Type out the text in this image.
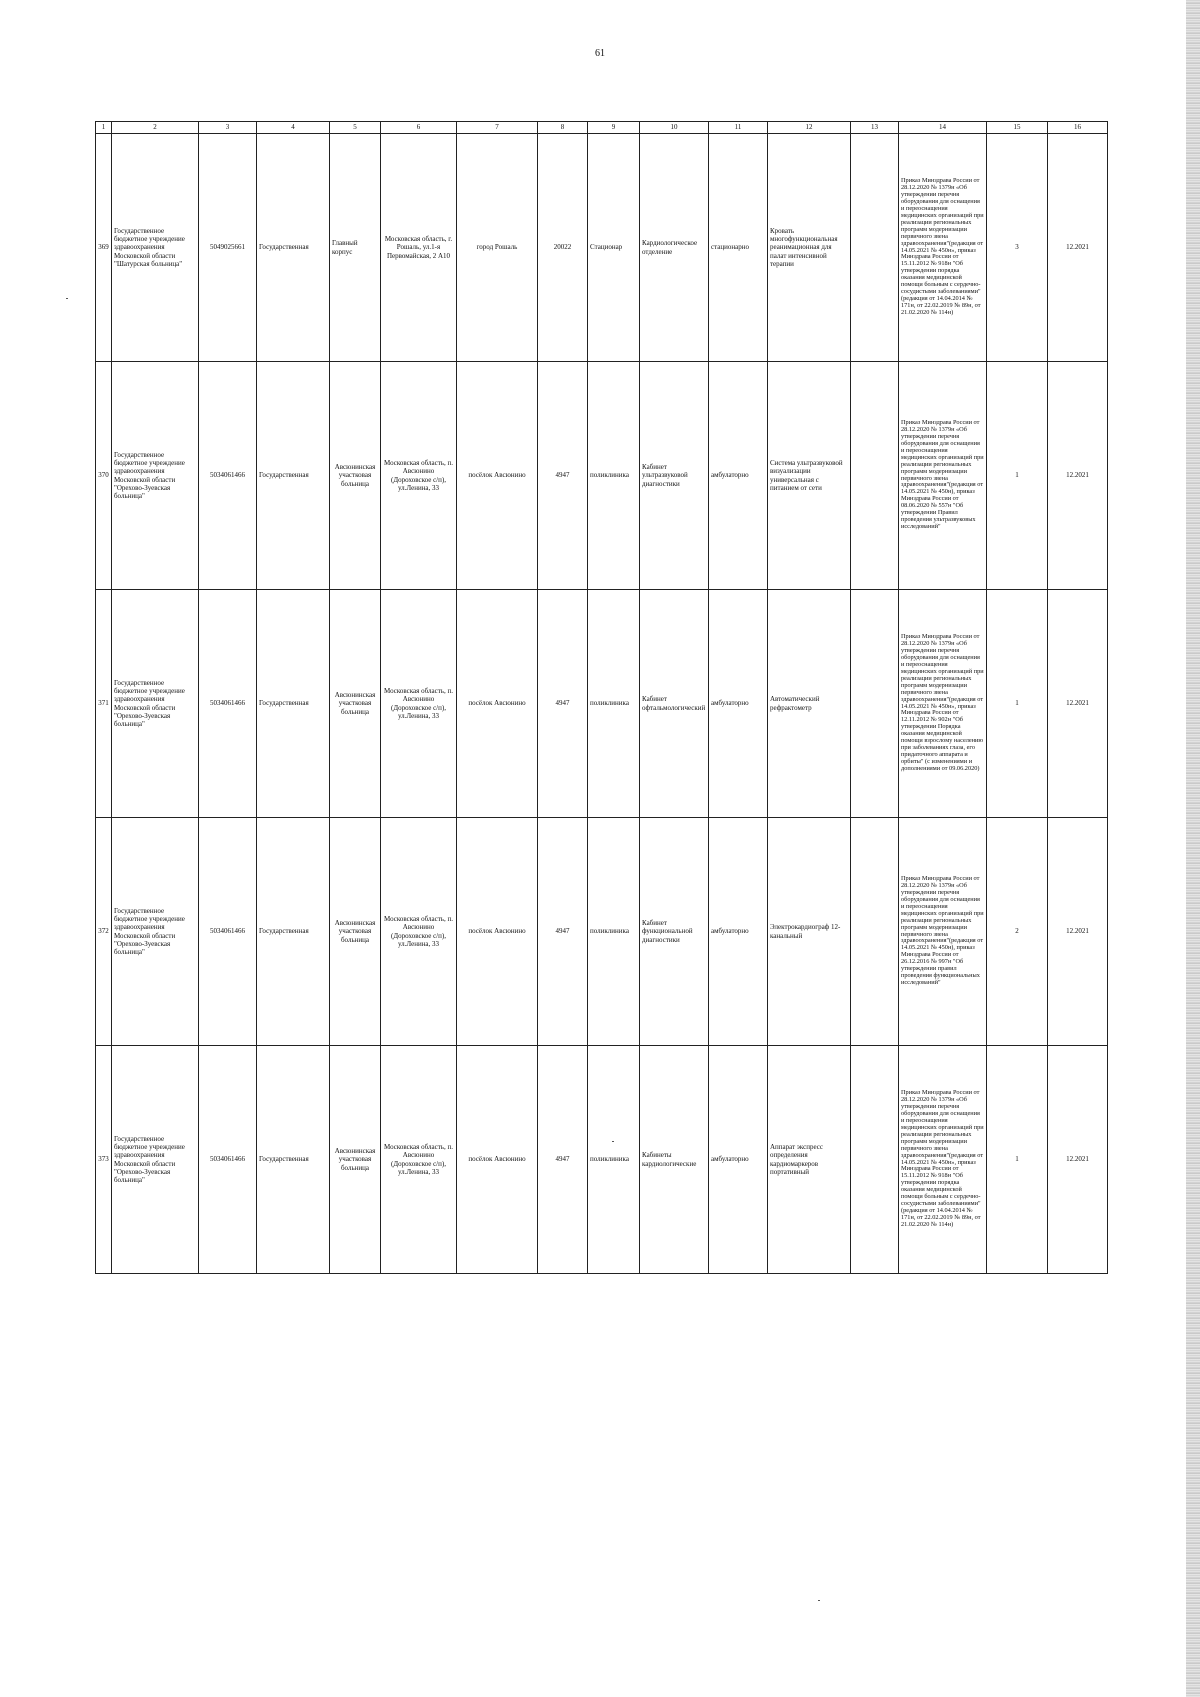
61
1	2	3	4	5	6	7	8	9	10	11	12	13	14	15	16
369	Государственное бюджетное учреждение здравоохранения Московской области "Шатурская больница"	5049025661	Государственная	Главный корпус	Московская область, г. Рошаль, ул.1-я Первомайская, 2 А10	город Рошаль	20022	Стационар	Кардиологическое отделение	стационарно	Кровать многофункциональная реанимационная для палат интенсивной терапии		Приказ Минздрава России от 28.12.2020 № 1379н «Об утверждении перечня оборудования для оснащения и переоснащения медицинских организаций при реализации региональных программ модернизации первичного звена здравоохранения"(редакция от 14.05.2021 № 450н», приказ Минздрава России от 15.11.2012 № 918н "Об утверждении порядка оказания медицинской помощи больным с сердечно-сосудистыми заболеваниями" (редакция от 14.04.2014 № 171н, от 22.02.2019 № 89н, от 21.02.2020 № 114н)	3	12.2021
370	Государственное бюджетное учреждение здравоохранения Московской области "Орехово-Зуевская больница"	5034061466	Государственная	Авсюнинская участковая больница	Московская область, п. Авсюнино (Дороховское с/п), ул.Ленина, 33	посёлок Авсюнино	4947	поликлиника	Кабинет ультразвуковой диагностики	амбулаторно	Система ультразвуковой визуализации универсальная с питанием от сети		Приказ Минздрава России от 28.12.2020 № 1379н «Об утверждении перечня оборудования для оснащения и переоснащения медицинских организаций при реализации региональных программ модернизации первичного звена здравоохранения"(редакция от 14.05.2021 № 450н), приказ Минздрава России от 08.06.2020 № 557н "Об утверждении Правил проведения ультразвуковых исследований"	1	12.2021
371	Государственное бюджетное учреждение здравоохранения Московской области "Орехово-Зуевская больница"	5034061466	Государственная	Авсюнинская участковая больница	Московская область, п. Авсюнино (Дороховское с/п), ул.Ленина, 33	посёлок Авсюнино	4947	поликлиника	Кабинет офтальмологический	амбулаторно	Автоматический рефрактометр		Приказ Минздрава России от 28.12.2020 № 1379н «Об утверждении перечня оборудования для оснащения и переоснащения медицинских организаций при реализации региональных программ модернизации первичного звена здравоохранения"(редакция от 14.05.2021 № 450н», приказ Минздрава России от 12.11.2012 № 902н "Об утверждении Порядка оказания медицинской помощи взрослому населению при заболеваниях глаза, его придаточного аппарата и орбиты" (с изменениями и дополнениями от 09.06.2020)	1	12.2021
372	Государственное бюджетное учреждение здравоохранения Московской области "Орехово-Зуевская больница"	5034061466	Государственная	Авсюнинская участковая больница	Московская область, п. Авсюнино (Дороховское с/п), ул.Ленина, 33	посёлок Авсюнино	4947	поликлиника	Кабинет функциональной диагностики	амбулаторно	Электрокардиограф 12-канальный		Приказ Минздрава России от 28.12.2020 № 1379н «Об утверждении перечня оборудования для оснащения и переоснащения медицинских организаций при реализации региональных программ модернизации первичного звена здравоохранения"(редакция от 14.05.2021 № 450н), приказ Минздрава России от 26.12.2016 № 997н "Об утверждении правил проведения функциональных исследований"	2	12.2021
373	Государственное бюджетное учреждение здравоохранения Московской области "Орехово-Зуевская больница"	5034061466	Государственная	Авсюнинская участковая больница	Московская область, п. Авсюнино (Дороховское с/п), ул.Ленина, 33	посёлок Авсюнино	4947	поликлиника	Кабинеты кардиологические	амбулаторно	Аппарат экспресс определения кардиомаркеров портативный		Приказ Минздрава России от 28.12.2020 № 1379н «Об утверждении перечня оборудования для оснащения и переоснащения медицинских организаций при реализации региональных программ модернизации первичного звена здравоохранения"(редакция от 14.05.2021 № 450н», приказ Минздрава России от 15.11.2012 № 918н "Об утверждении порядка оказания медицинской помощи больным с сердечно-сосудистыми заболеваниями" (редакция от 14.04.2014 № 171н, от 22.02.2019 № 89н, от 21.02.2020 № 114н)	1	12.2021
